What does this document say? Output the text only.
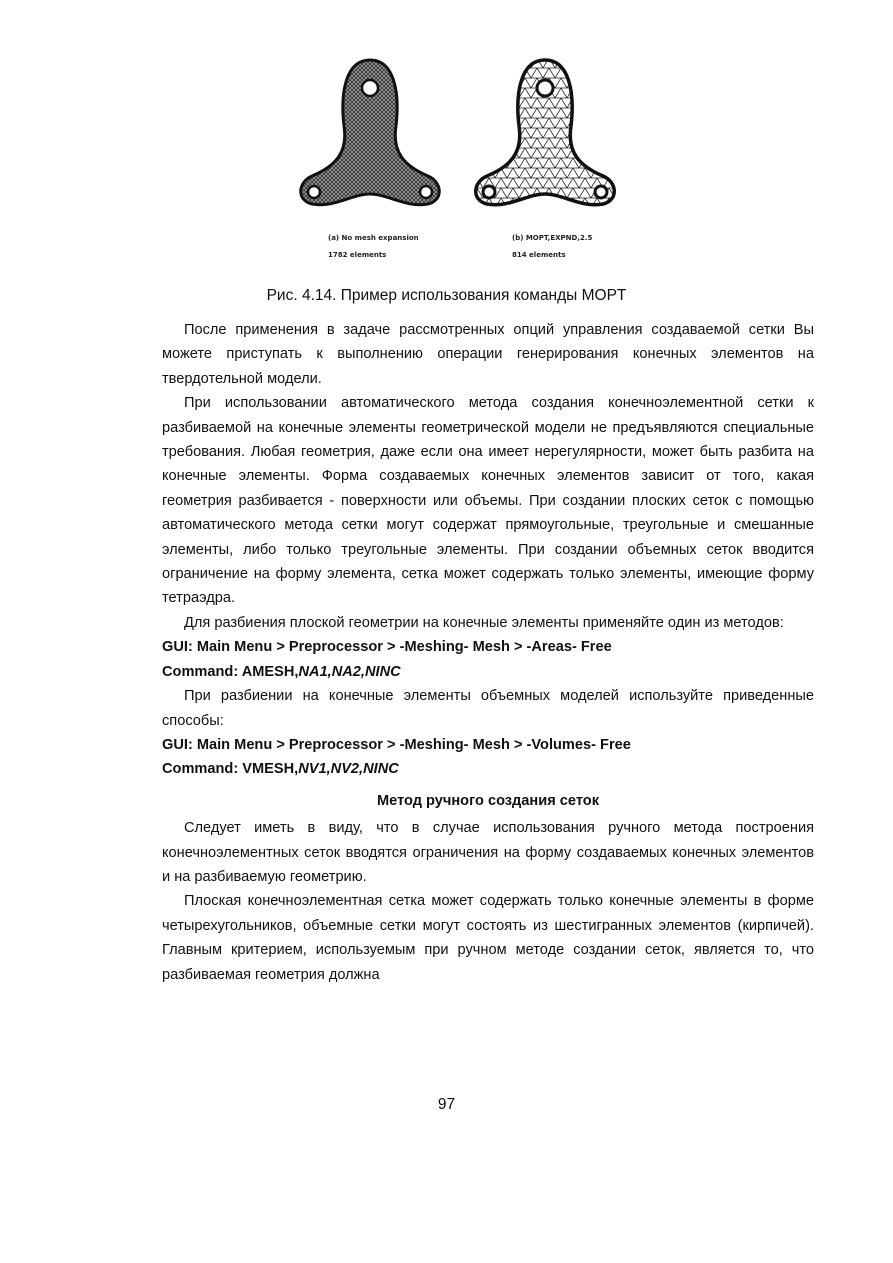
(a) No mesh expansion
1782 elements
(b) MOPT,EXPND,2.5
814 elements
Рис. 4.14. Пример использования команды MOPT

После применения в задаче рассмотренных опций управления создаваемой сетки Вы можете приступать к выполнению операции генерирования конечных элементов на твердотельной модели.

При использовании автоматического метода создания конечноэлементной сетки к разбиваемой на конечные элементы геометрической модели не предъявляются специальные требования. Любая геометрия, даже если она имеет нерегулярности, может быть разбита на конечные элементы. Форма создаваемых конечных элементов зависит от того, какая геометрия разбивается - поверхности или объемы. При создании плоских сеток с помощью автоматического метода сетки могут содержат прямоугольные, треугольные и смешанные элементы, либо только треугольные элементы. При создании объемных сеток вводится ограничение на форму элемента, сетка может содержать только элементы, имеющие форму тетраэдра.

Для разбиения плоской геометрии на конечные элементы применяйте один из методов:

GUI: Main Menu > Preprocessor > -Meshing- Mesh > -Areas- Free

Command: AMESH,NA1,NA2,NINC

При разбиении на конечные элементы объемных моделей используйте приведенные способы:

GUI: Main Menu > Preprocessor > -Meshing- Mesh > -Volumes- Free

Command: VMESH,NV1,NV2,NINC

Метод ручного создания сеток

Следует иметь в виду, что в случае использования ручного метода построения конечноэлементных сеток вводятся ограничения на форму создаваемых конечных элементов и на разбиваемую геометрию.

Плоская конечноэлементная сетка может содержать только конечные элементы в форме четырехугольников, объемные сетки могут состоять из шестигранных элементов (кирпичей). Главным критерием, используемым при ручном методе создании сеток, является то, что разбиваемая геометрия должна

97
